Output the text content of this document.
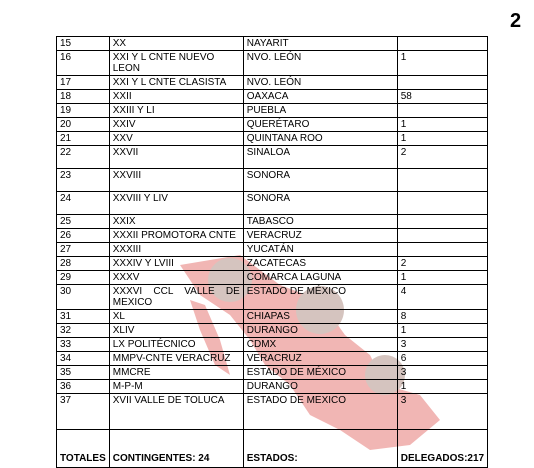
2
15	XX	NAYARIT	
16	XXI Y L CNTE NUEVO LEON	NVO. LEÓN	1
17	XXI Y L CNTE CLASISTA	NVO. LEÓN	
18	XXII	OAXACA	58
19	XXIII Y LI	PUEBLA	
20	XXIV	QUERÉTARO	1
21	XXV	QUINTANA ROO	1
22	XXVII	SINALOA	2
23	XXVIII	SONORA	
24	XXVIII Y LIV	SONORA	
25	XXIX	TABASCO	
26	XXXII PROMOTORA CNTE	VERACRUZ	
27	XXXIII	YUCATÁN	
28	XXXIV Y LVIII	ZACATECAS	2
29	XXXV	COMARCA LAGUNA	1
30	XXXVI CCL VALLE DE MEXICO	ESTADO DE MÉXICO	4
31	XL	CHIAPAS	8
32	XLIV	DURANGO	1
33	LX POLITÉCNICO	CDMX	3
34	MMPV-CNTE VERACRUZ	VERACRUZ	6
35	MMCRE	ESTADO DE MÉXICO	3
36	M-P-M	DURANGO	1
37	XVII VALLE DE TOLUCA	ESTADO DE MEXICO	3
TOTALES	CONTINGENTES: 24	ESTADOS:	DELEGADOS:217
